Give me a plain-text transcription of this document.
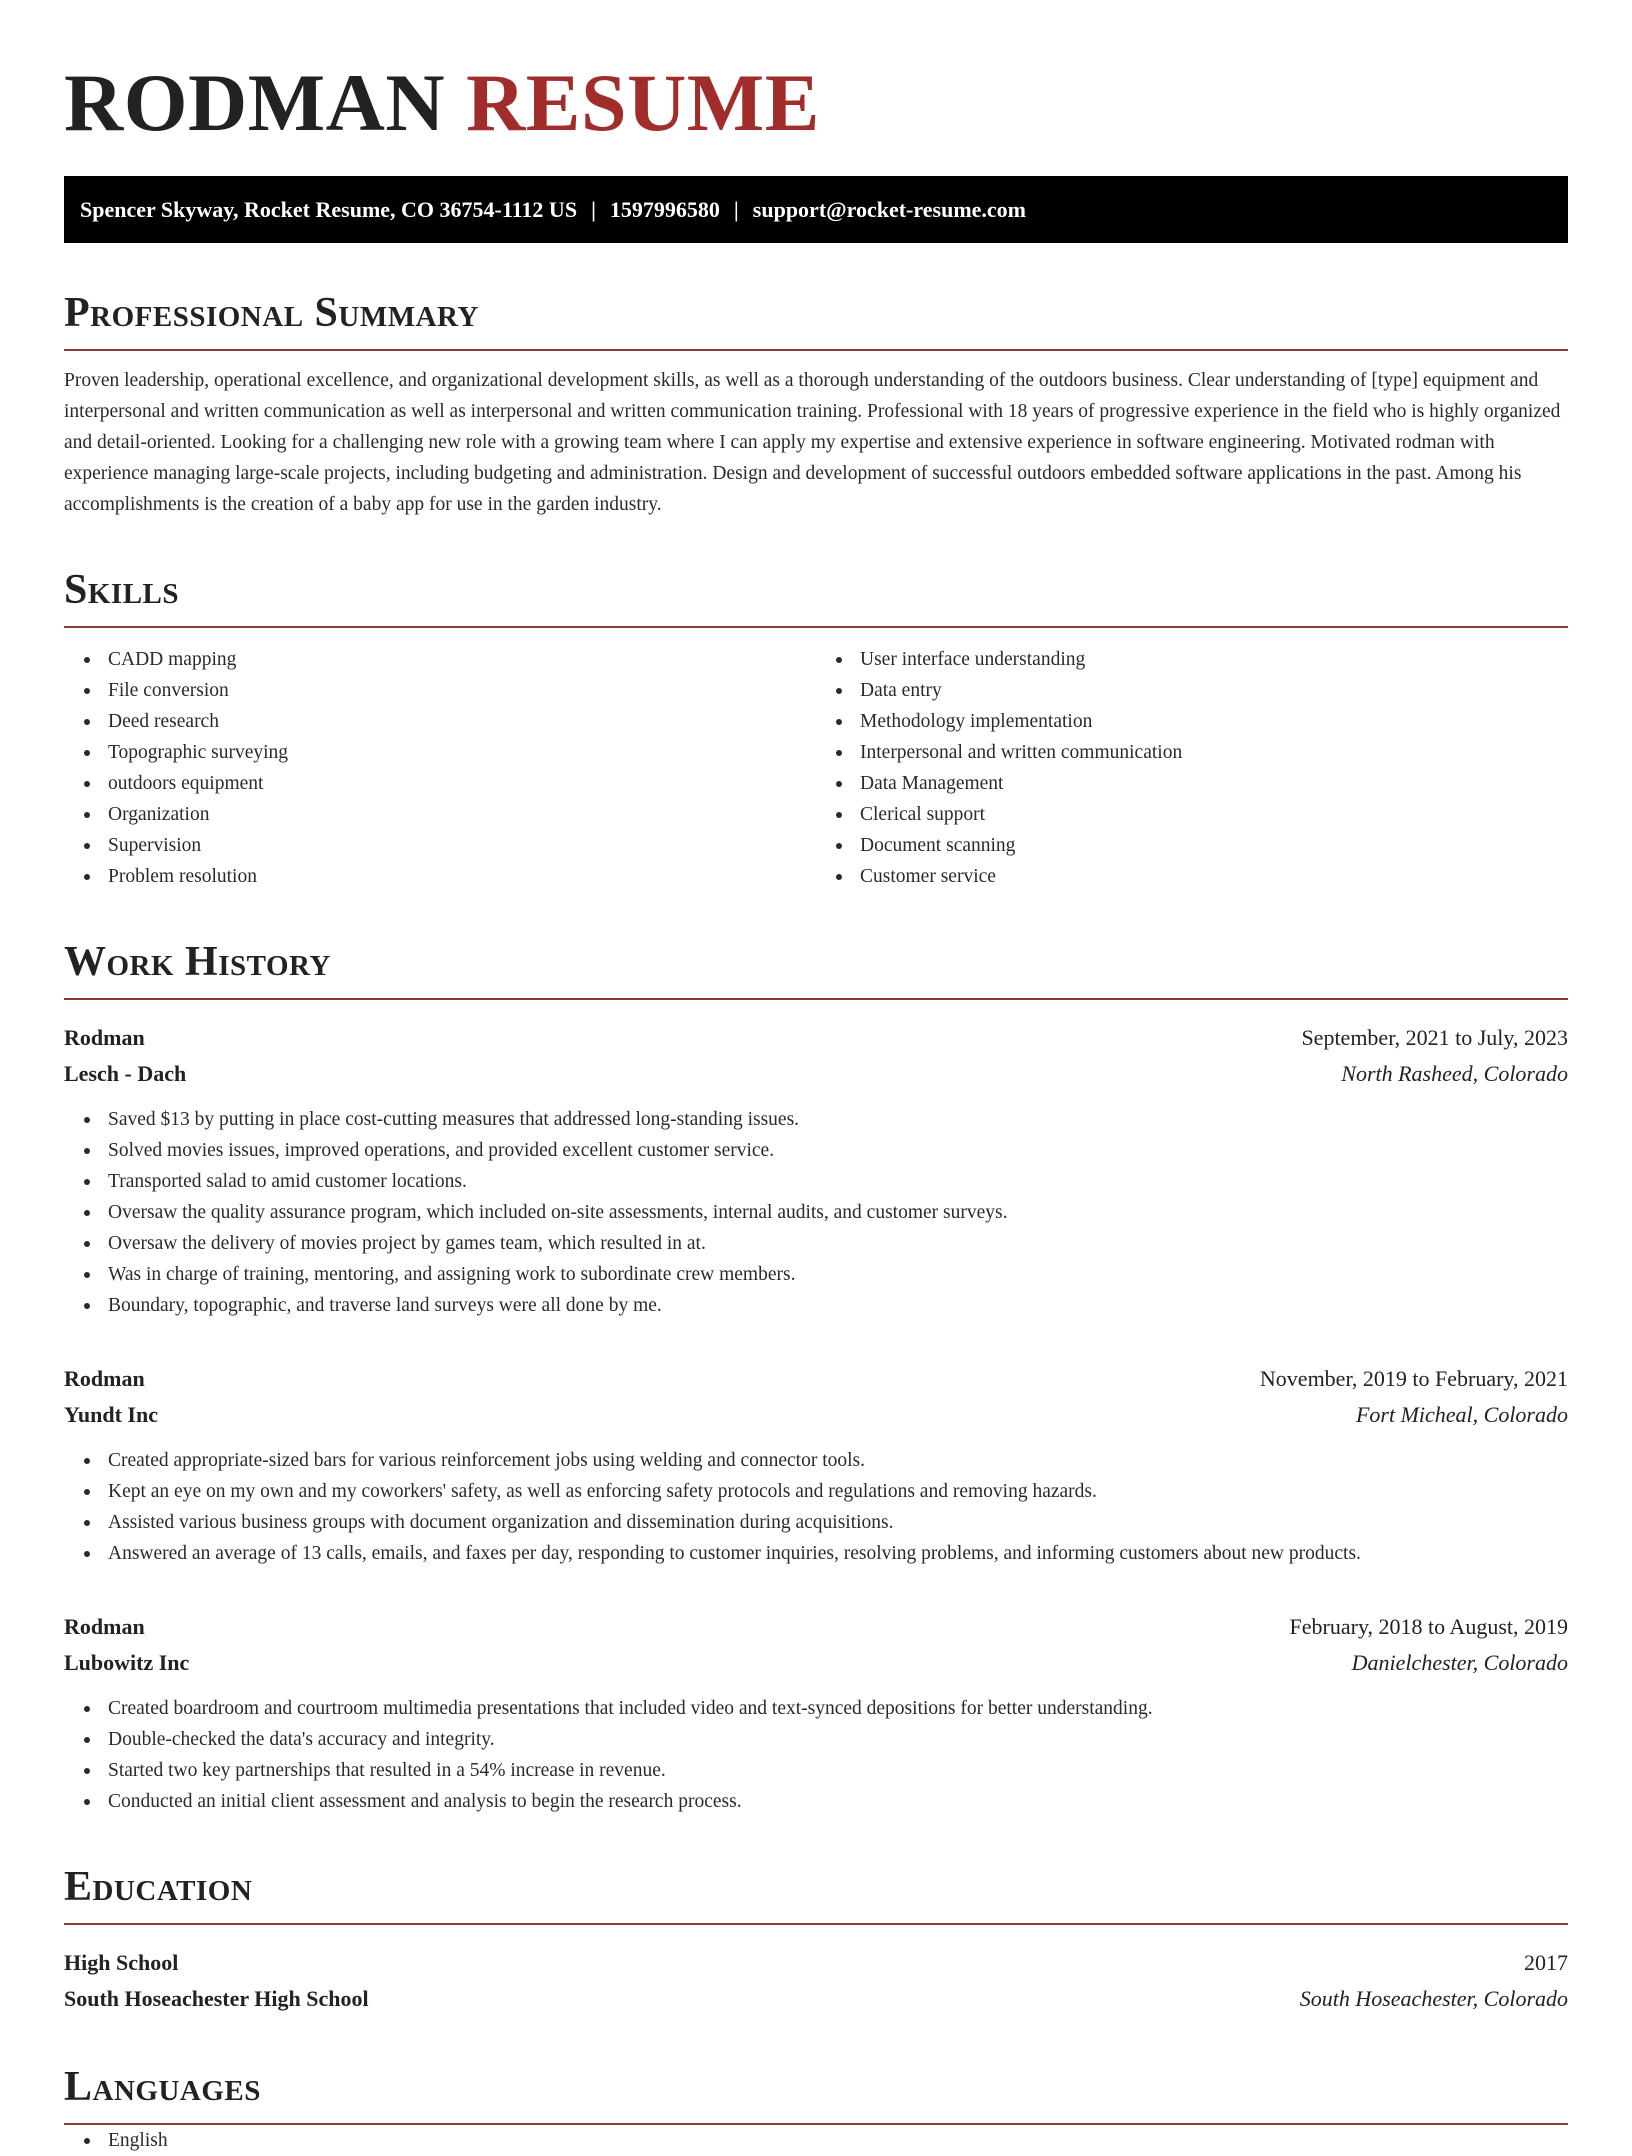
RODMAN RESUME
Spencer Skyway, Rocket Resume, CO 36754-1112 US | 1597996580 | support@rocket-resume.com
Professional Summary
Proven leadership, operational excellence, and organizational development skills, as well as a thorough understanding of the outdoors business. Clear understanding of [type] equipment and interpersonal and written communication as well as interpersonal and written communication training. Professional with 18 years of progressive experience in the field who is highly organized and detail-oriented. Looking for a challenging new role with a growing team where I can apply my expertise and extensive experience in software engineering. Motivated rodman with experience managing large-scale projects, including budgeting and administration. Design and development of successful outdoors embedded software applications in the past. Among his accomplishments is the creation of a baby app for use in the garden industry.
Skills
CADD mapping
File conversion
Deed research
Topographic surveying
outdoors equipment
Organization
Supervision
Problem resolution
User interface understanding
Data entry
Methodology implementation
Interpersonal and written communication
Data Management
Clerical support
Document scanning
Customer service
Work History
Rodman	September, 2021 to July, 2023
Lesch - Dach	North Rasheed, Colorado
Saved $13 by putting in place cost-cutting measures that addressed long-standing issues.
Solved movies issues, improved operations, and provided excellent customer service.
Transported salad to amid customer locations.
Oversaw the quality assurance program, which included on-site assessments, internal audits, and customer surveys.
Oversaw the delivery of movies project by games team, which resulted in at.
Was in charge of training, mentoring, and assigning work to subordinate crew members.
Boundary, topographic, and traverse land surveys were all done by me.
Rodman	November, 2019 to February, 2021
Yundt Inc	Fort Micheal, Colorado
Created appropriate-sized bars for various reinforcement jobs using welding and connector tools.
Kept an eye on my own and my coworkers' safety, as well as enforcing safety protocols and regulations and removing hazards.
Assisted various business groups with document organization and dissemination during acquisitions.
Answered an average of 13 calls, emails, and faxes per day, responding to customer inquiries, resolving problems, and informing customers about new products.
Rodman	February, 2018 to August, 2019
Lubowitz Inc	Danielchester, Colorado
Created boardroom and courtroom multimedia presentations that included video and text-synced depositions for better understanding.
Double-checked the data's accuracy and integrity.
Started two key partnerships that resulted in a 54% increase in revenue.
Conducted an initial client assessment and analysis to begin the research process.
Education
High School	2017
South Hoseachester High School	South Hoseachester, Colorado
Languages
English
